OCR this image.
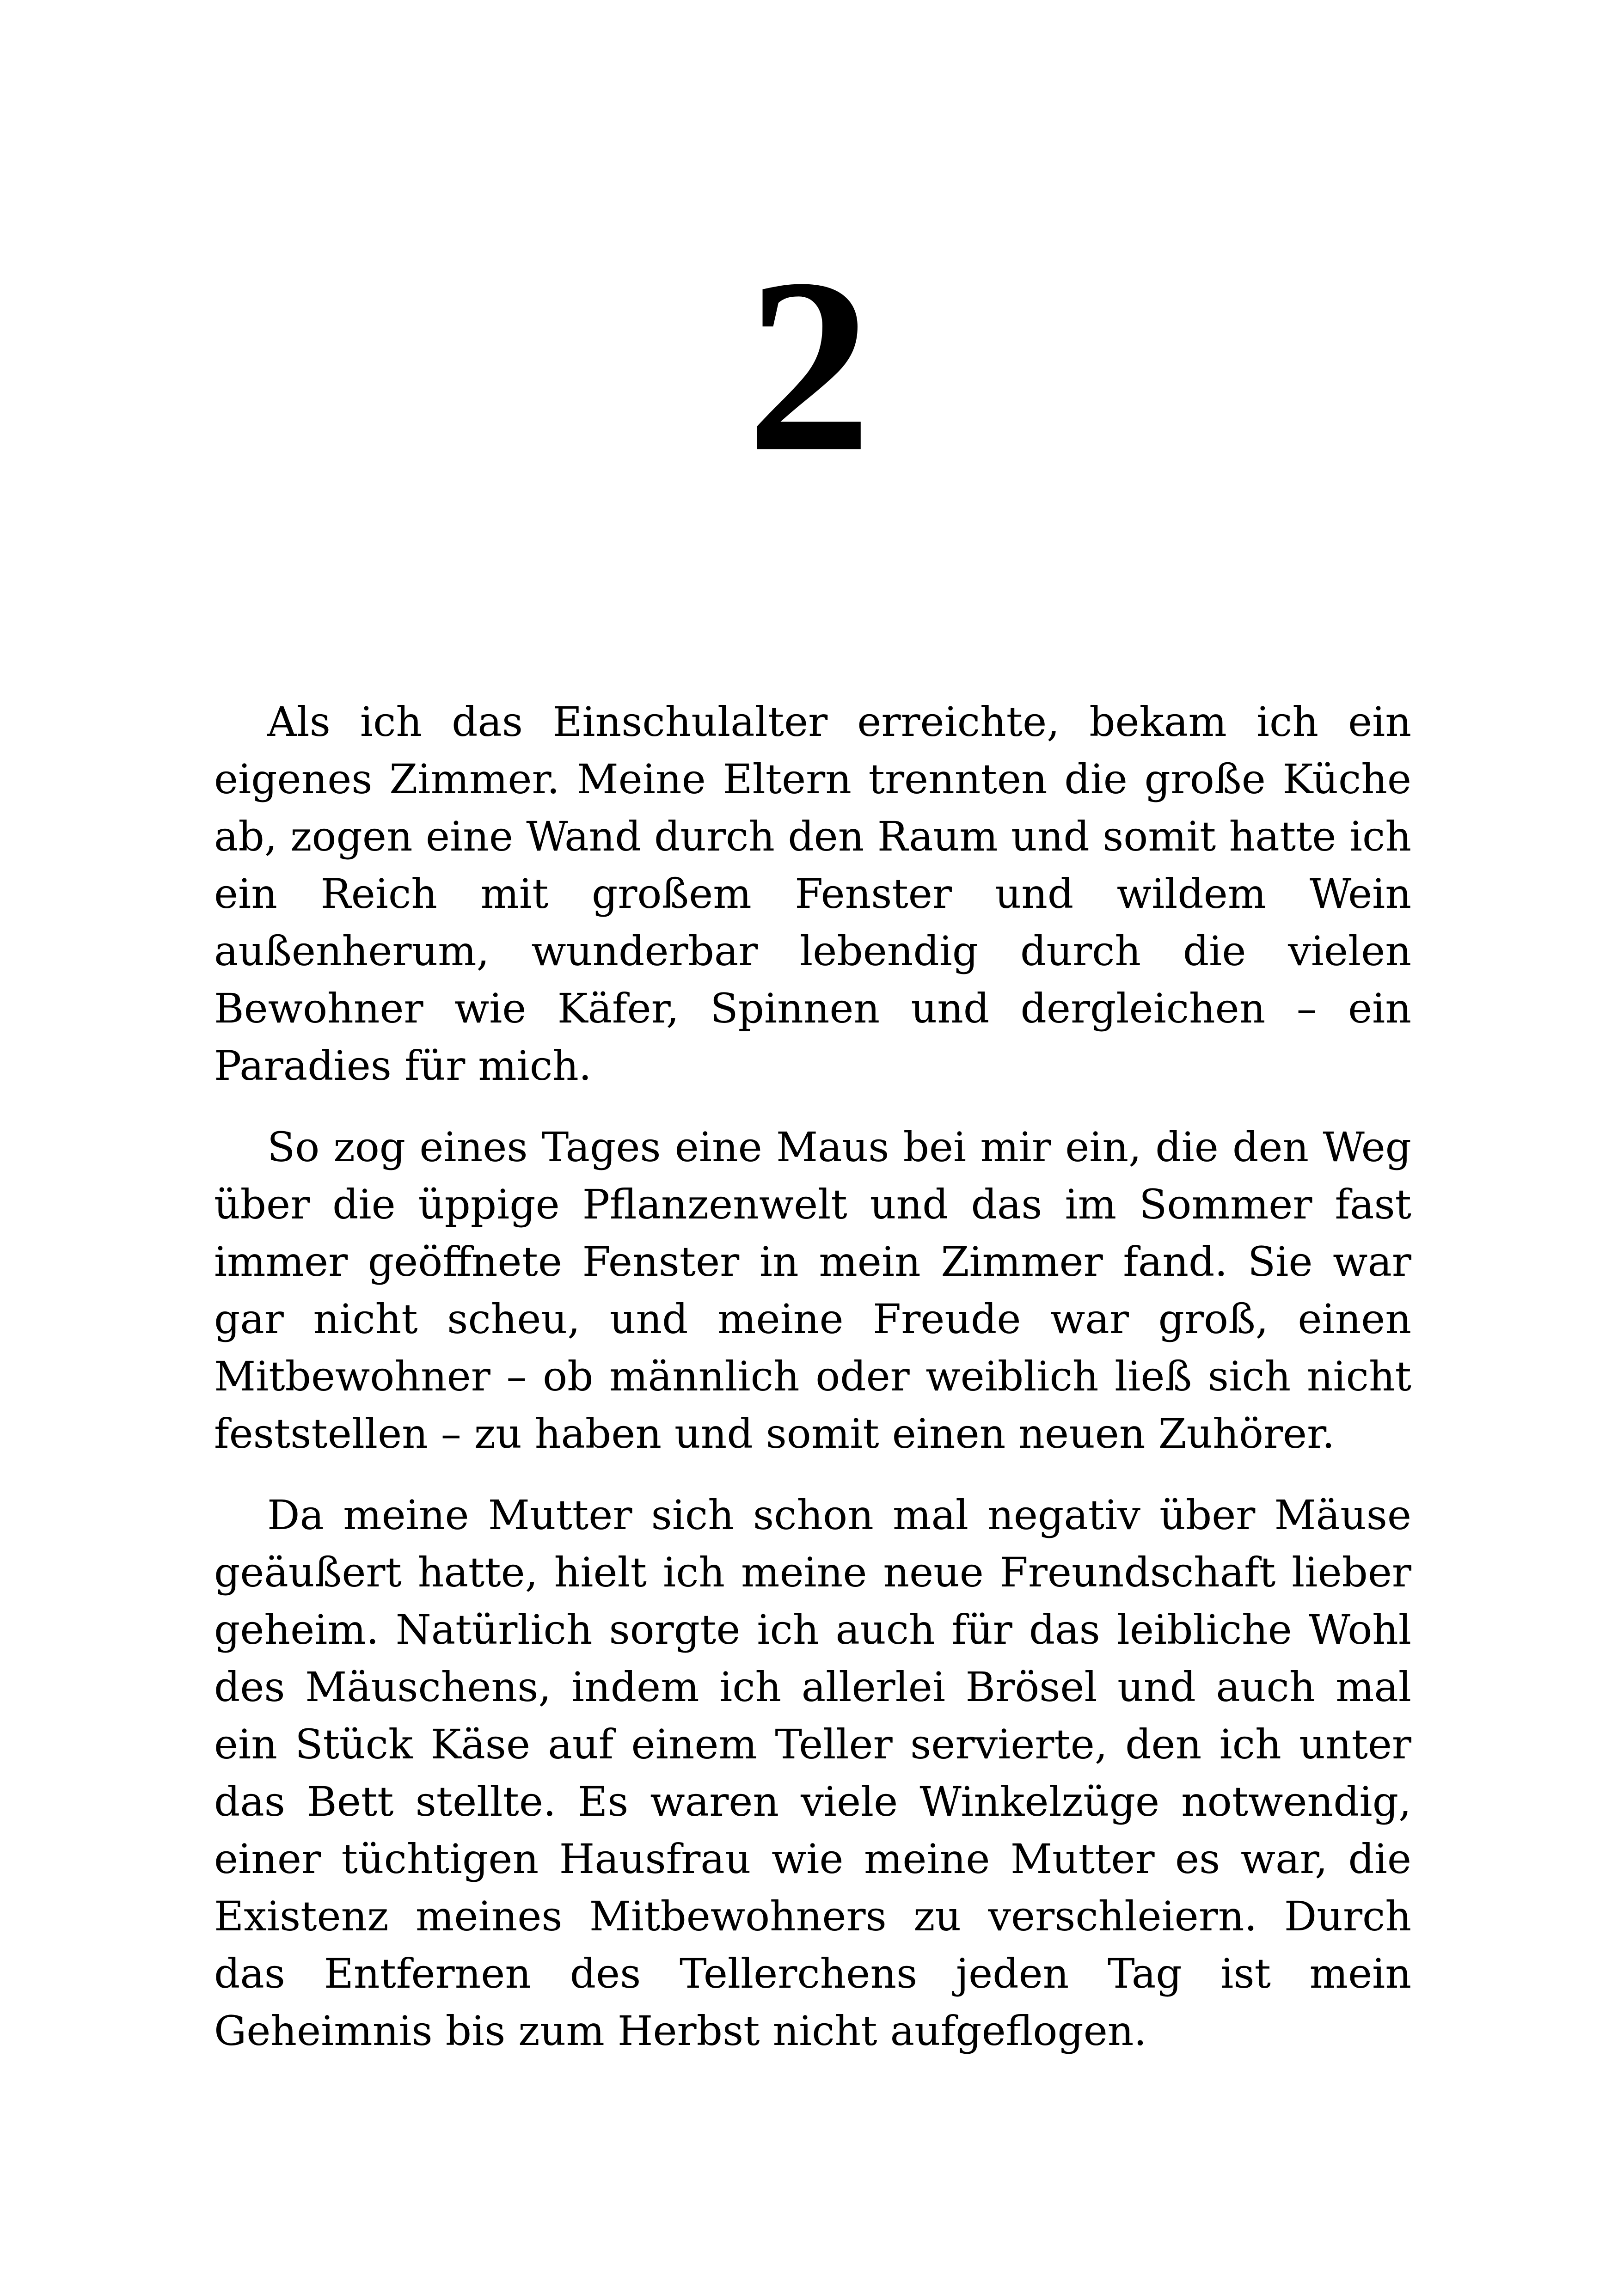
2

Als ich das Einschulalter erreichte, bekam ich ein eigenes Zimmer. Meine Eltern trennten die große Küche ab, zogen eine Wand durch den Raum und somit hatte ich ein Reich mit großem Fenster und wildem Wein außenherum, wunderbar lebendig durch die vielen Bewohner wie Käfer, Spinnen und dergleichen – ein Paradies für mich.

So zog eines Tages eine Maus bei mir ein, die den Weg über die üppige Pflanzenwelt und das im Sommer fast immer geöffnete Fenster in mein Zimmer fand. Sie war gar nicht scheu, und meine Freude war groß, einen Mitbewohner – ob männlich oder weiblich ließ sich nicht feststellen – zu haben und somit einen neuen Zuhörer.

Da meine Mutter sich schon mal negativ über Mäuse geäußert hatte, hielt ich meine neue Freundschaft lieber geheim. Natürlich sorgte ich auch für das leibliche Wohl des Mäuschens, indem ich allerlei Brösel und auch mal ein Stück Käse auf einem Teller servierte, den ich unter das Bett stellte. Es waren viele Winkelzüge notwendig, einer tüchtigen Hausfrau wie meine Mutter es war, die Existenz meines Mitbewohners zu verschleiern. Durch das Entfernen des Tellerchens jeden Tag ist mein Geheimnis bis zum Herbst nicht aufgeflogen.
